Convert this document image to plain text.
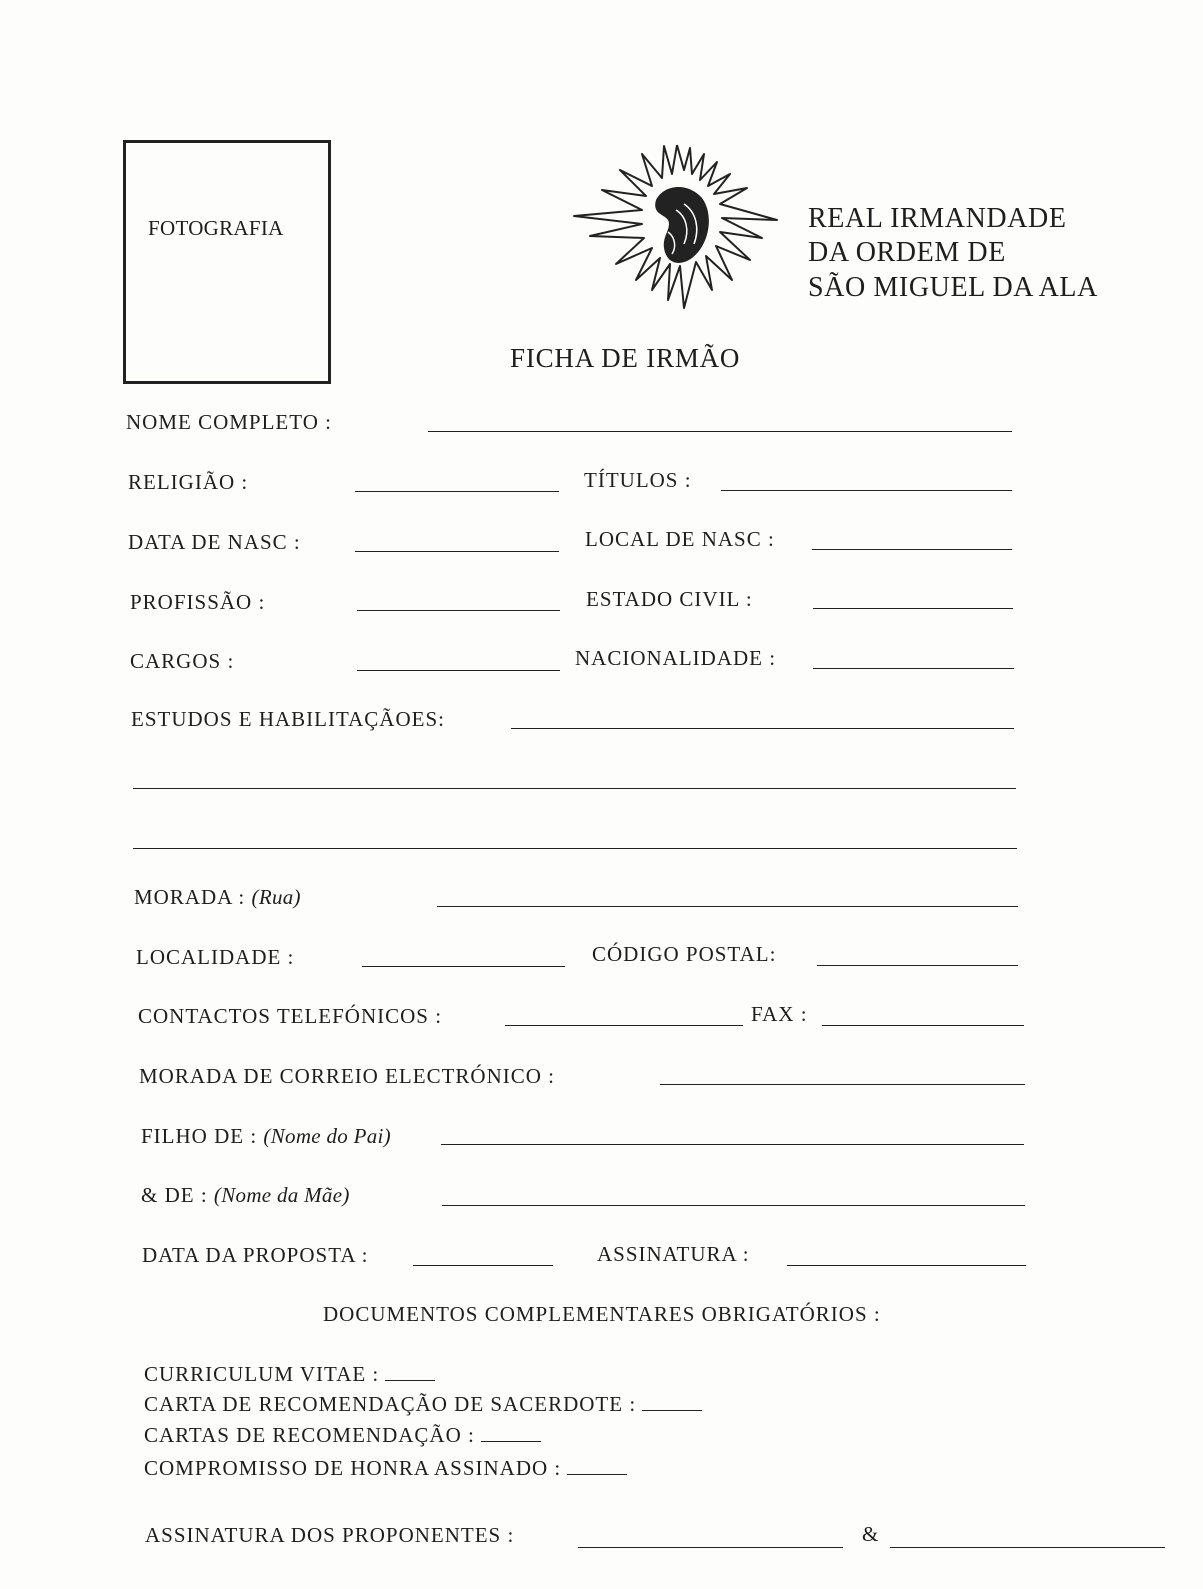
FOTOGRAFIA	REAL IRMANDADE
DA ORDEM DE
SÃO MIGUEL DA ALA
FICHA DE IRMÃO
NOME COMPLETO :
RELIGIÃO :	TÍTULOS :
DATA DE NASC :	LOCAL DE NASC :
PROFISSÃO :	ESTADO CIVIL :
CARGOS :	NACIONALIDADE :
ESTUDOS E HABILITAÇÃOES:
MORADA : (Rua)
LOCALIDADE :	CÓDIGO POSTAL:
CONTACTOS TELEFÓNICOS :	FAX :
MORADA DE CORREIO ELECTRÓNICO :
FILHO DE : (Nome do Pai)
& DE : (Nome da Mãe)
DATA DA PROPOSTA :	ASSINATURA :
DOCUMENTOS COMPLEMENTARES OBRIGATÓRIOS :
CURRICULUM VITAE :
CARTA DE RECOMENDAÇÃO DE SACERDOTE :
CARTAS DE RECOMENDAÇÃO :
COMPROMISSO DE HONRA ASSINADO :
ASSINATURA DOS PROPONENTES :	&
